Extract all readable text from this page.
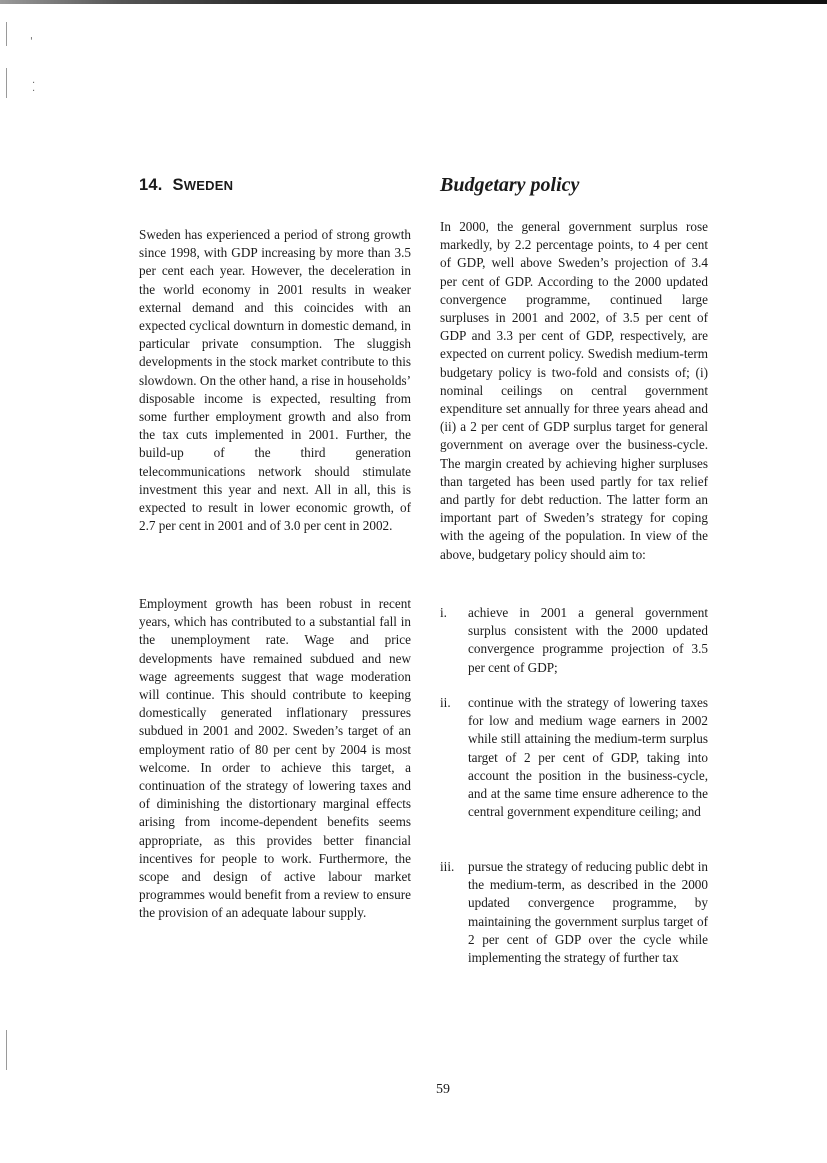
'
·
·
14. SWEDEN	Budgetary policy

Sweden has experienced a period of strong growth since 1998, with GDP increasing by more than 3.5 per cent each year. However, the deceleration in the world economy in 2001 results in weaker external demand and this coincides with an expected cyclical downturn in domestic demand, in particular private consumption. The sluggish developments in the stock market contribute to this slowdown. On the other hand, a rise in households’ disposable income is expected, resulting from some further employment growth and also from the tax cuts implemented in 2001. Further, the build-up of the third generation telecommunications network should stimulate investment this year and next. All in all, this is expected to result in lower economic growth, of 2.7 per cent in 2001 and of 3.0 per cent in 2002.

Employment growth has been robust in recent years, which has contributed to a substantial fall in the unemployment rate. Wage and price developments have remained subdued and new wage agreements suggest that wage moderation will continue. This should contribute to keeping domestically generated inflationary pressures subdued in 2001 and 2002. Sweden’s target of an employment ratio of 80 per cent by 2004 is most welcome. In order to achieve this target, a continuation of the strategy of lowering taxes and of diminishing the distortionary marginal effects arising from income-dependent benefits seems appropriate, as this provides better financial incentives for people to work. Furthermore, the scope and design of active labour market programmes would benefit from a review to ensure the provision of an adequate labour supply.

In 2000, the general government surplus rose markedly, by 2.2 percentage points, to 4 per cent of GDP, well above Sweden’s projection of 3.4 per cent of GDP. According to the 2000 updated convergence programme, continued large surpluses in 2001 and 2002, of 3.5 per cent of GDP and 3.3 per cent of GDP, respectively, are expected on current policy. Swedish medium-term budgetary policy is two-fold and consists of; (i) nominal ceilings on central government expenditure set annually for three years ahead and (ii) a 2 per cent of GDP surplus target for general government on average over the business-cycle. The margin created by achieving higher surpluses than targeted has been used partly for tax relief and partly for debt reduction. The latter form an important part of Sweden’s strategy for coping with the ageing of the population. In view of the above, budgetary policy should aim to:

i. achieve in 2001 a general government surplus consistent with the 2000 updated convergence programme projection of 3.5 per cent of GDP;

ii. continue with the strategy of lowering taxes for low and medium wage earners in 2002 while still attaining the medium-term surplus target of 2 per cent of GDP, taking into account the position in the business-cycle, and at the same time ensure adherence to the central government expenditure ceiling; and

iii. pursue the strategy of reducing public debt in the medium-term, as described in the 2000 updated convergence programme, by maintaining the government surplus target of 2 per cent of GDP over the cycle while implementing the strategy of further tax

59
